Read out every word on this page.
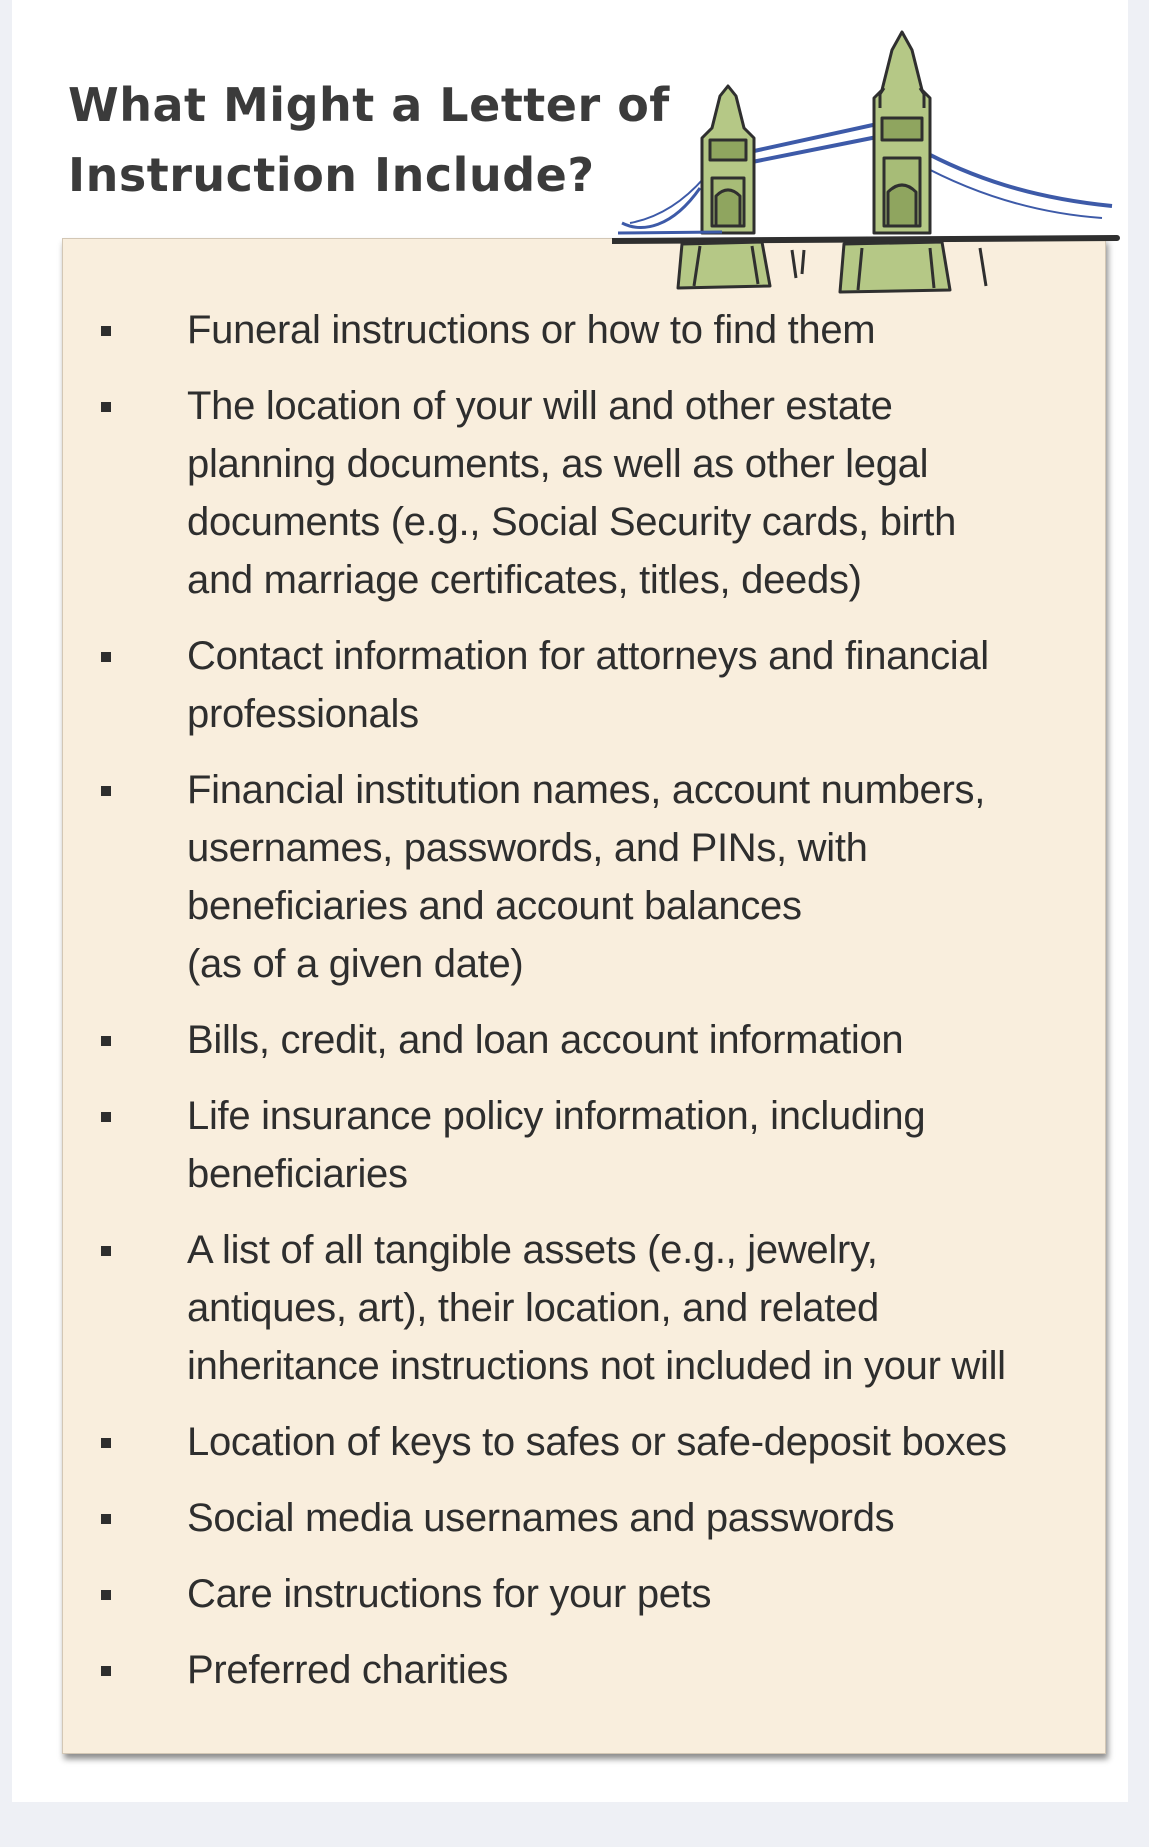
What Might a Letter of
Instruction Include?
Funeral instructions or how to find them
The location of your will and other estate
planning documents, as well as other legal
documents (e.g., Social Security cards, birth
and marriage certificates, titles, deeds)
Contact information for attorneys and financial
professionals
Financial institution names, account numbers,
usernames, passwords, and PINs, with
beneficiaries and account balances
(as of a given date)
Bills, credit, and loan account information
Life insurance policy information, including
beneficiaries
A list of all tangible assets (e.g., jewelry,
antiques, art), their location, and related
inheritance instructions not included in your will
Location of keys to safes or safe-deposit boxes
Social media usernames and passwords
Care instructions for your pets
Preferred charities
